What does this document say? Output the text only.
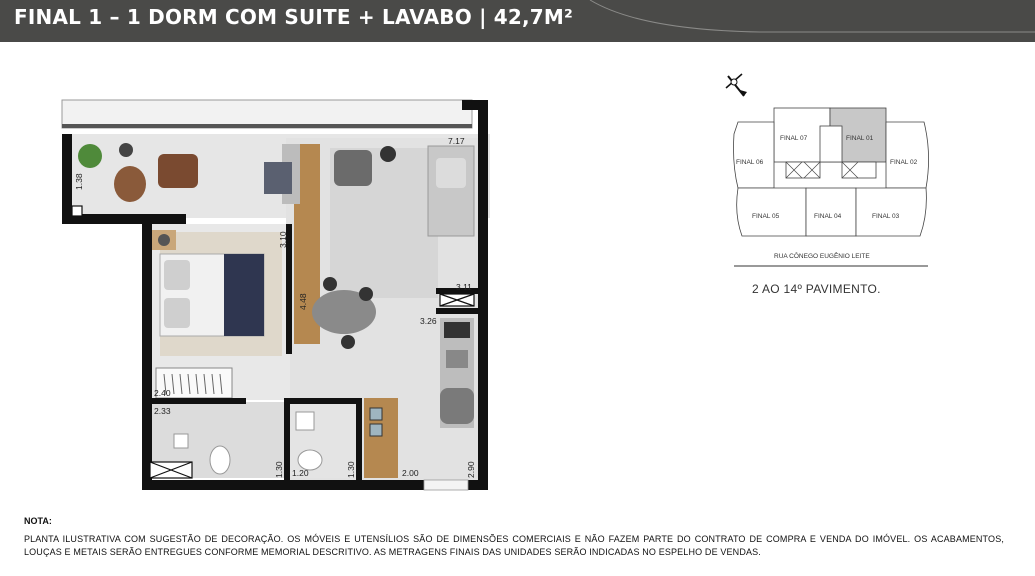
FINAL 1 – 1 DORM COM SUITE + LAVABO | 42,7M²
7.17
1.38
3.10
4.48
3.11
3.26
2.40
2.33
1.30 1.20	1.30	2.00	2.90
FINAL 07	FINAL 01
FINAL 06	FINAL 02
FINAL 05	FINAL 04	FINAL 03
RUA CÔNEGO EUGÊNIO LEITE
2 AO 14º PAVIMENTO.
NOTA:
PLANTA ILUSTRATIVA COM SUGESTÃO DE DECORAÇÃO. OS MÓVEIS E UTENSÍLIOS SÃO DE DIMENSÕES COMERCIAIS E NÃO FAZEM PARTE DO CONTRATO DE COMPRA E VENDA DO IMÓVEL. OS ACABAMENTOS, LOUÇAS E METAIS SERÃO ENTREGUES CONFORME MEMORIAL DESCRITIVO. AS METRAGENS FINAIS DAS UNIDADES SERÃO INDICADAS NO ESPELHO DE VENDAS.
